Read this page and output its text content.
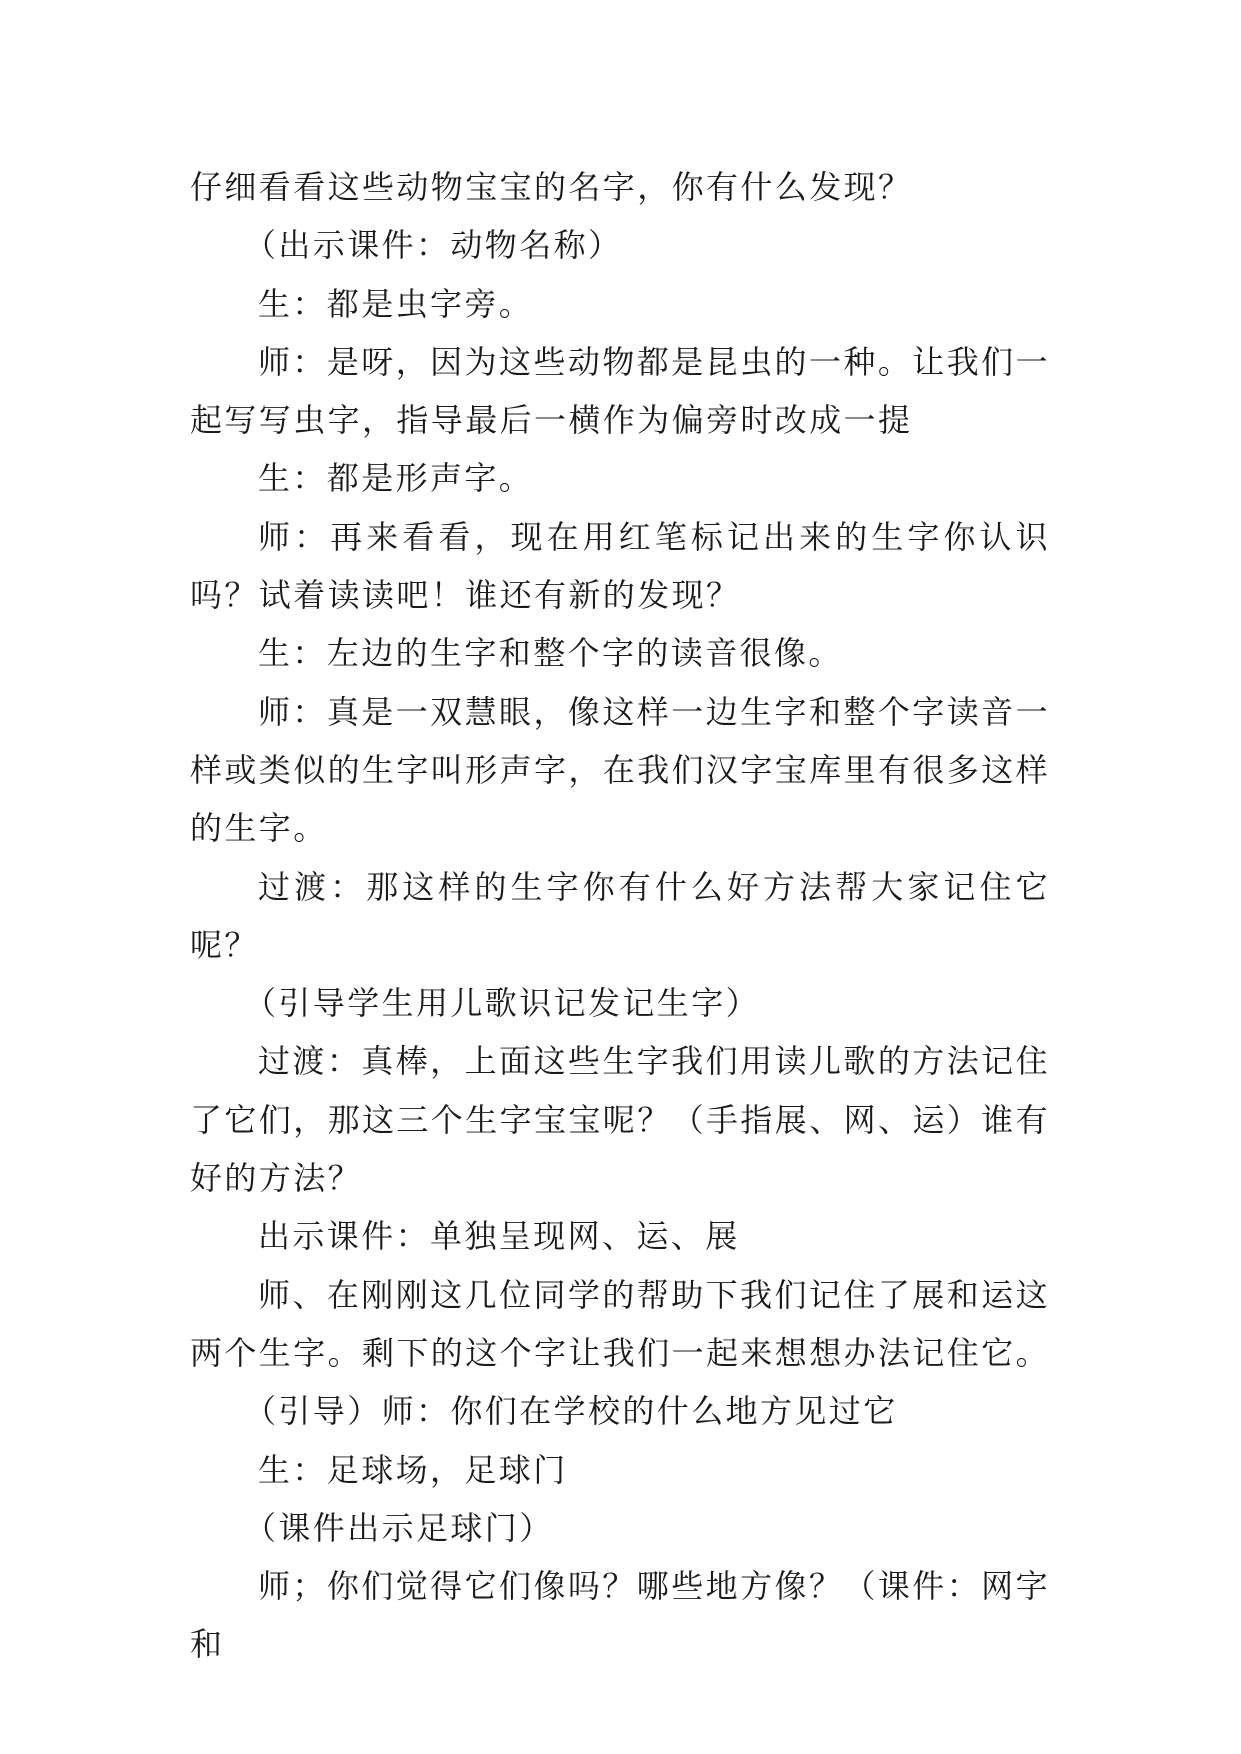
仔细看看这些动物宝宝的名字，你有什么发现？

（出示课件：动物名称）

生：都是虫字旁。

师：是呀，因为这些动物都是昆虫的一种。让我们一起写写虫字，指导最后一横作为偏旁时改成一提

生：都是形声字。

师：再来看看，现在用红笔标记出来的生字你认识吗？试着读读吧！谁还有新的发现？

生：左边的生字和整个字的读音很像。

师：真是一双慧眼，像这样一边生字和整个字读音一样或类似的生字叫形声字，在我们汉字宝库里有很多这样的生字。

过渡：那这样的生字你有什么好方法帮大家记住它呢？

（引导学生用儿歌识记发记生字）

过渡：真棒，上面这些生字我们用读儿歌的方法记住了它们，那这三个生字宝宝呢？（手指展、网、运）谁有好的方法？

出示课件：单独呈现网、运、展

师、在刚刚这几位同学的帮助下我们记住了展和运这两个生字。剩下的这个字让我们一起来想想办法记住它。

（引导）师：你们在学校的什么地方见过它

生：足球场，足球门

（课件出示足球门）

师；你们觉得它们像吗？哪些地方像？（课件：网字和
